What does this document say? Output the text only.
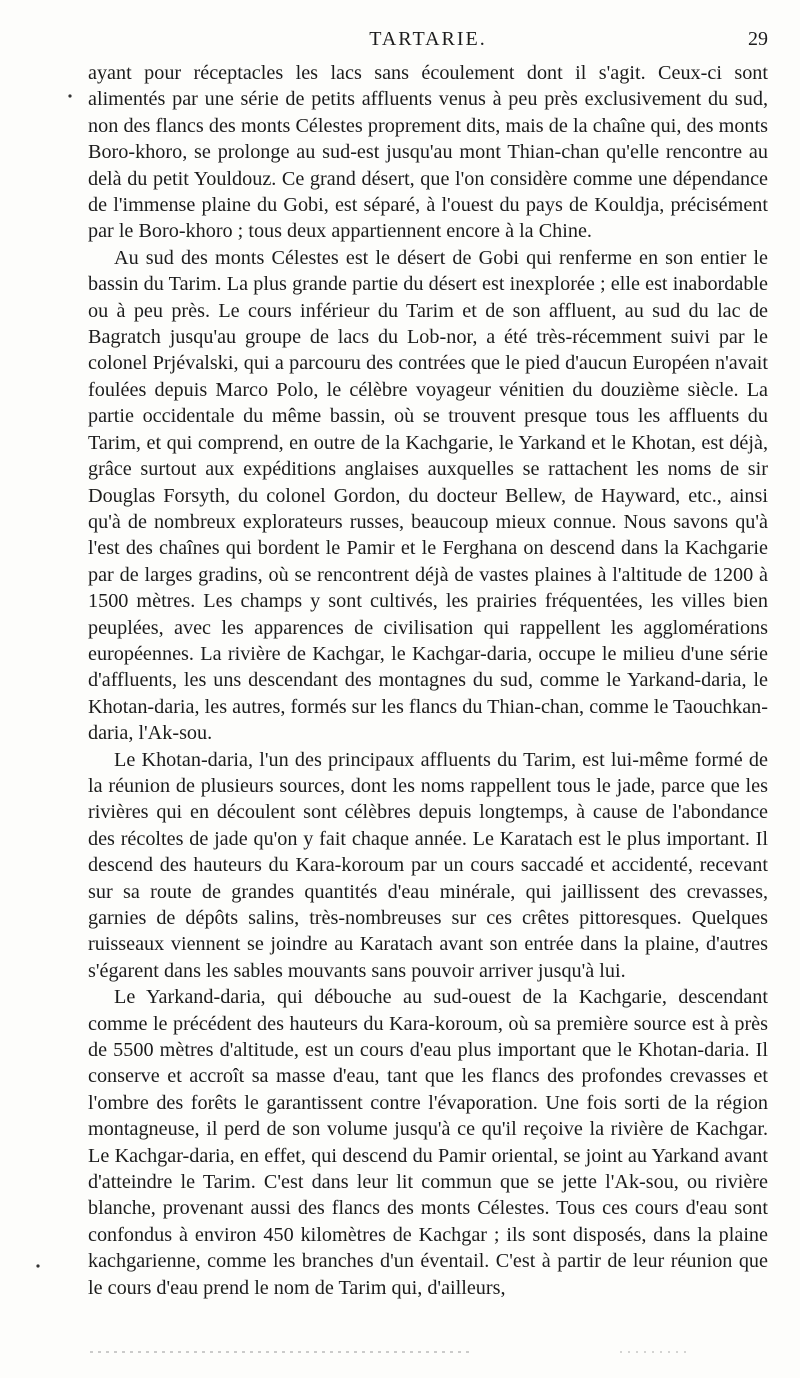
TARTARIE.	29

ayant pour réceptacles les lacs sans écoulement dont il s'agit. Ceux-ci sont alimentés par une série de petits affluents venus à peu près exclusivement du sud, non des flancs des monts Célestes proprement dits, mais de la chaîne qui, des monts Boro-khoro, se prolonge au sud-est jusqu'au mont Thian-chan qu'elle rencontre au delà du petit Youldouz. Ce grand désert, que l'on considère comme une dépendance de l'immense plaine du Gobi, est séparé, à l'ouest du pays de Kouldja, précisément par le Boro-khoro ; tous deux appartiennent encore à la Chine.

Au sud des monts Célestes est le désert de Gobi qui renferme en son entier le bassin du Tarim. La plus grande partie du désert est inexplorée ; elle est inabordable ou à peu près. Le cours inférieur du Tarim et de son affluent, au sud du lac de Bagratch jusqu'au groupe de lacs du Lob-nor, a été très-récemment suivi par le colonel Prjévalski, qui a parcouru des contrées que le pied d'aucun Européen n'avait foulées depuis Marco Polo, le célèbre voyageur vénitien du douzième siècle. La partie occidentale du même bassin, où se trouvent presque tous les affluents du Tarim, et qui comprend, en outre de la Kachgarie, le Yarkand et le Khotan, est déjà, grâce surtout aux expéditions anglaises auxquelles se rattachent les noms de sir Douglas Forsyth, du colonel Gordon, du docteur Bellew, de Hayward, etc., ainsi qu'à de nombreux explorateurs russes, beaucoup mieux connue. Nous savons qu'à l'est des chaînes qui bordent le Pamir et le Ferghana on descend dans la Kachgarie par de larges gradins, où se rencontrent déjà de vastes plaines à l'altitude de 1200 à 1500 mètres. Les champs y sont cultivés, les prairies fréquentées, les villes bien peuplées, avec les apparences de civilisation qui rappellent les agglomérations européennes. La rivière de Kachgar, le Kachgar-daria, occupe le milieu d'une série d'affluents, les uns descendant des montagnes du sud, comme le Yarkand-daria, le Khotan-daria, les autres, formés sur les flancs du Thian-chan, comme le Taouchkan-daria, l'Ak-sou.

Le Khotan-daria, l'un des principaux affluents du Tarim, est lui-même formé de la réunion de plusieurs sources, dont les noms rappellent tous le jade, parce que les rivières qui en découlent sont célèbres depuis longtemps, à cause de l'abondance des récoltes de jade qu'on y fait chaque année. Le Karatach est le plus important. Il descend des hauteurs du Kara-koroum par un cours saccadé et accidenté, recevant sur sa route de grandes quantités d'eau minérale, qui jaillissent des crevasses, garnies de dépôts salins, très-nombreuses sur ces crêtes pittoresques. Quelques ruisseaux viennent se joindre au Karatach avant son entrée dans la plaine, d'autres s'égarent dans les sables mouvants sans pouvoir arriver jusqu'à lui.

Le Yarkand-daria, qui débouche au sud-ouest de la Kachgarie, descendant comme le précédent des hauteurs du Kara-koroum, où sa première source est à près de 5500 mètres d'altitude, est un cours d'eau plus important que le Khotan-daria. Il conserve et accroît sa masse d'eau, tant que les flancs des profondes crevasses et l'ombre des forêts le garantissent contre l'évaporation. Une fois sorti de la région montagneuse, il perd de son volume jusqu'à ce qu'il reçoive la rivière de Kachgar. Le Kachgar-daria, en effet, qui descend du Pamir oriental, se joint au Yarkand avant d'atteindre le Tarim. C'est dans leur lit commun que se jette l'Ak-sou, ou rivière blanche, provenant aussi des flancs des monts Célestes. Tous ces cours d'eau sont confondus à environ 450 kilomètres de Kachgar ; ils sont disposés, dans la plaine kachgarienne, comme les branches d'un éventail. C'est à partir de leur réunion que le cours d'eau prend le nom de Tarim qui, d'ailleurs,
